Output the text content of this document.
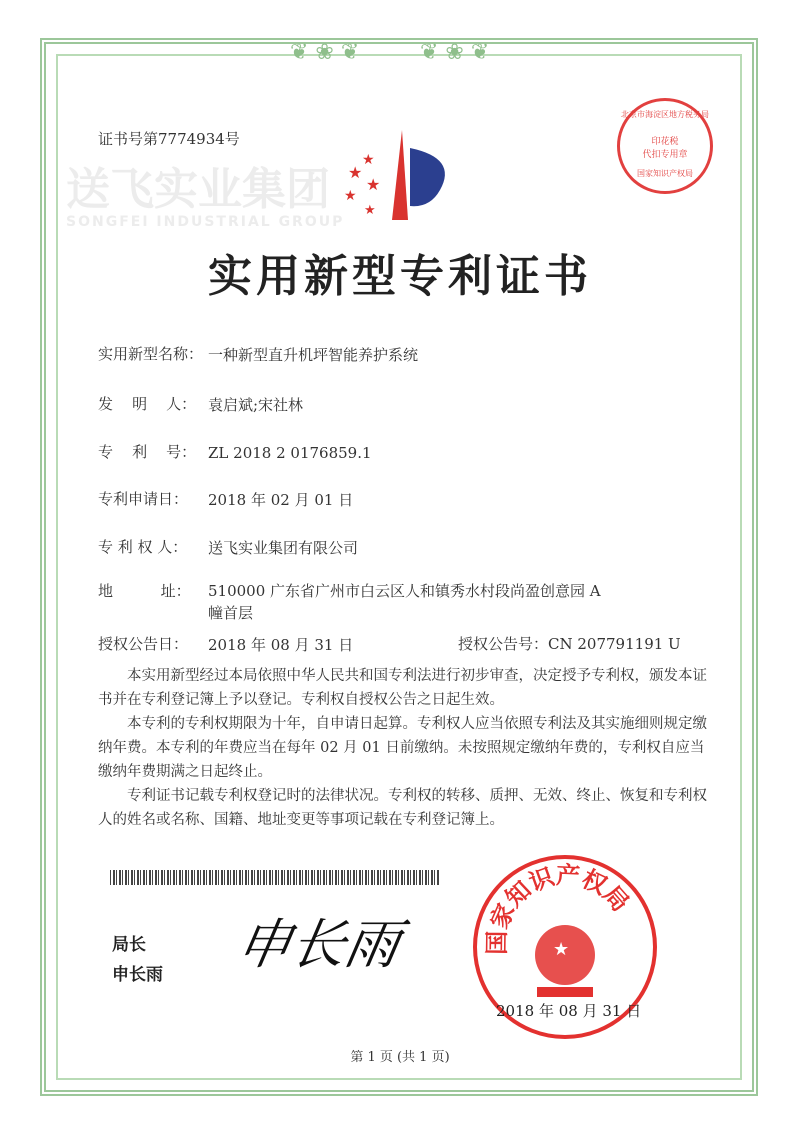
❦ ❀ ❦	❦ ❀ ❦
送飞实业集团
SONGFEI INDUSTRIAL GROUP
证书号第7774934号
★
★
★
★
★
北京市海淀区地方税务局
印花税
代扣专用章
国家知识产权局
实用新型专利证书
实用新型名称： 一种新型直升机坪智能养护系统
发    明    人： 袁启斌;宋社林
专    利    号： ZL 2018 2 0176859.1
专利申请日：	2018 年 02 月 01 日
专 利 权 人：	送飞实业集团有限公司
地          址：	510000 广东省广州市白云区人和镇秀水村段尚盈创意园 A 幢首层
授权公告日：	2018 年 08 月 31 日	授权公告号：CN 207791191 U

本实用新型经过本局依照中华人民共和国专利法进行初步审查，决定授予专利权，颁发本证书并在专利登记簿上予以登记。专利权自授权公告之日起生效。

本专利的专利权期限为十年，自申请日起算。专利权人应当依照专利法及其实施细则规定缴纳年费。本专利的年费应当在每年 02 月 01 日前缴纳。未按照规定缴纳年费的，专利权自应当缴纳年费期满之日起终止。

专利证书记载专利权登记时的法律状况。专利权的转移、质押、无效、终止、恢复和专利权人的姓名或名称、国籍、地址变更等事项记载在专利登记簿上。

局长
申长雨 申长雨	国家知识产权局
★
2018 年 08 月 31 日
第 1 页 (共 1 页)
